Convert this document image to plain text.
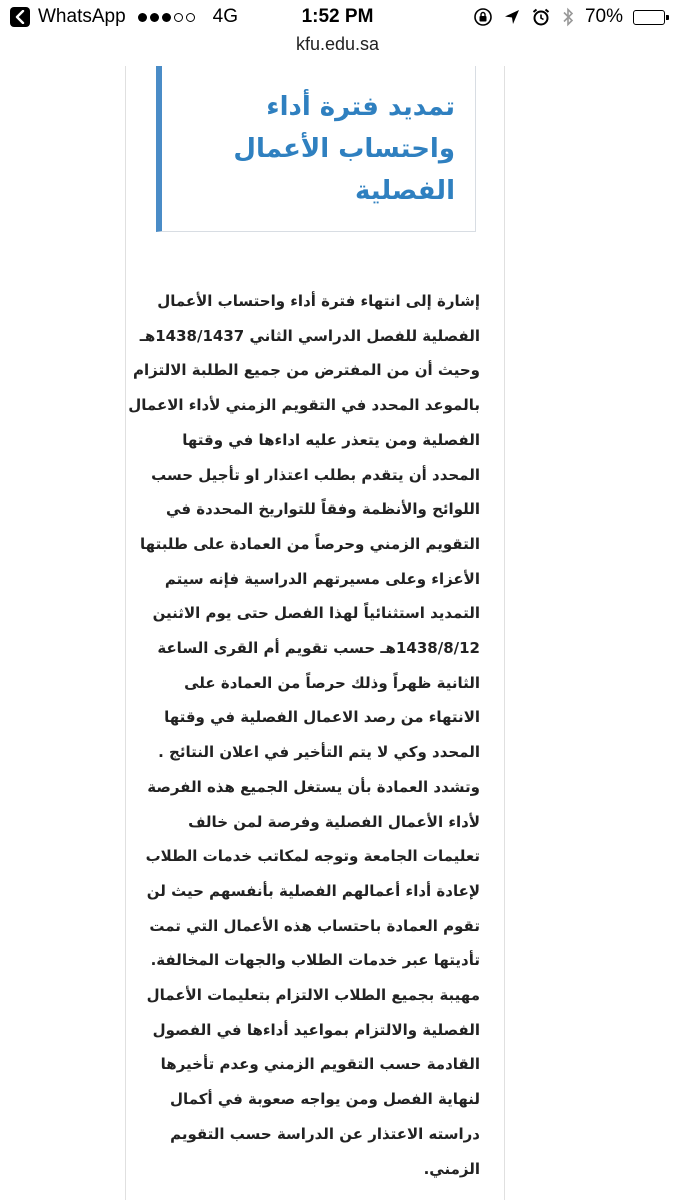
WhatsApp	4G	1:52 PM	70%
kfu.edu.sa
تمديد فترة أداء
واحتساب الأعمال
الفصلية
إشارة إلى انتهاء فترة أداء واحتساب الأعمال
الفصلية للفصل الدراسي الثاني 1438/1437هـ
وحيث أن من المفترض من جميع الطلبة الالتزام
بالموعد المحدد في التقويم الزمني لأداء الاعمال
الفصلية ومن يتعذر عليه اداءها في وقتها
المحدد أن يتقدم بطلب اعتذار او تأجيل حسب
اللوائح والأنظمة وفقاً للتواريخ المحددة في
التقويم الزمني وحرصاً من العمادة على طلبتها
الأعزاء وعلى مسيرتهم الدراسية فإنه سيتم
التمديد استثنائياً لهذا الفصل حتى يوم الاثنين
1438/8/12هـ حسب تقويم أم القرى الساعة
الثانية ظهراً وذلك حرصاً من العمادة على
الانتهاء من رصد الاعمال الفصلية في وقتها
المحدد وكي لا يتم التأخير في اعلان النتائج .
وتشدد العمادة بأن يستغل الجميع هذه الفرصة
لأداء الأعمال الفصلية وفرصة لمن خالف
تعليمات الجامعة وتوجه لمكاتب خدمات الطلاب
لإعادة أداء أعمالهم الفصلية بأنفسهم حيث لن
تقوم العمادة باحتساب هذه الأعمال التي تمت
تأديتها عبر خدمات الطلاب والجهات المخالفة.
مهيبة بجميع الطلاب الالتزام بتعليمات الأعمال
الفصلية والالتزام بمواعيد أداءها في الفصول
القادمة حسب التقويم الزمني وعدم تأخيرها
لنهاية الفصل ومن يواجه صعوبة في أكمال
دراسته الاعتذار عن الدراسة حسب التقويم
الزمني.
